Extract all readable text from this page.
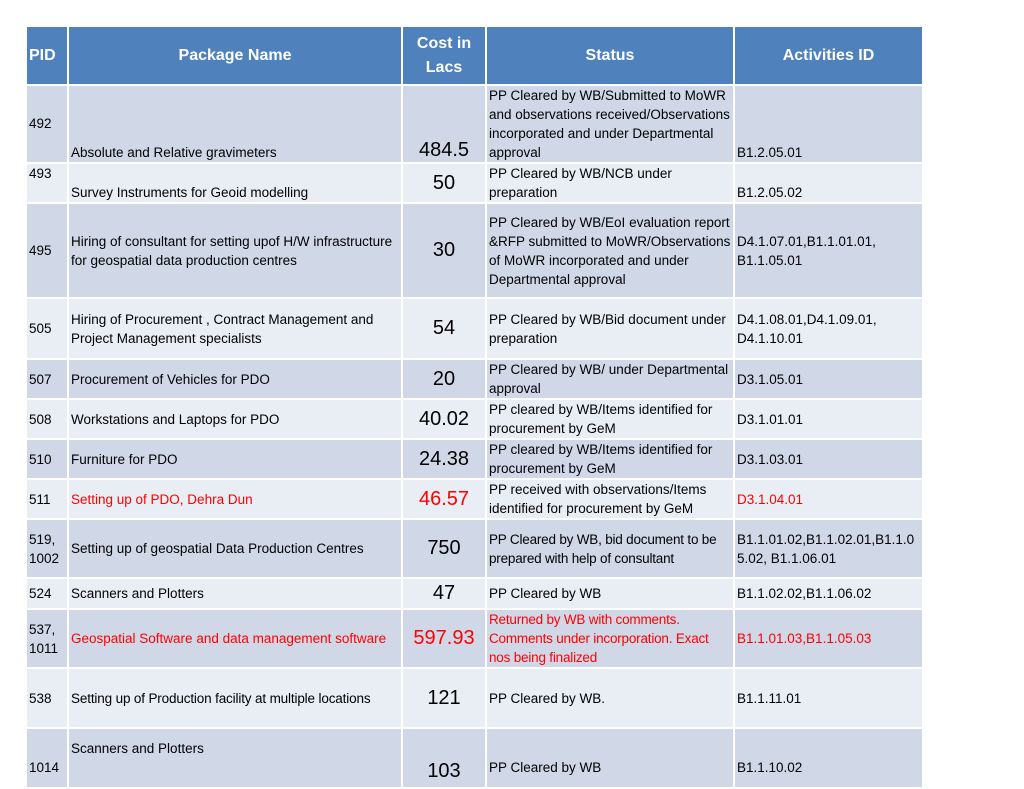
PID	Package Name	Cost in Lacs	Status	Activities ID
492	Absolute and Relative gravimeters	484.5	PP Cleared by WB/Submitted to MoWR and observations received/Observations incorporated and under Departmental approval	B1.2.05.01
493	Survey Instruments for Geoid modelling	50	PP Cleared by WB/NCB under preparation	B1.2.05.02
495	Hiring of consultant for setting upof H/W infrastructure for geospatial data production centres	30	PP Cleared by WB/EoI evaluation report &RFP submitted to MoWR/Observations of MoWR incorporated and under Departmental approval	D4.1.07.01,B1.1.01.01, B1.1.05.01
505	Hiring of Procurement , Contract Management and Project Management specialists	54	PP Cleared by WB/Bid document under preparation	D4.1.08.01,D4.1.09.01, D4.1.10.01
507	Procurement of Vehicles for PDO	20	PP Cleared by WB/ under Departmental approval	D3.1.05.01
508	Workstations and Laptops for PDO	40.02	PP cleared by WB/Items identified for procurement by GeM	D3.1.01.01
510	Furniture for PDO	24.38	PP cleared by WB/Items identified for procurement by GeM	D3.1.03.01
511	Setting up of PDO, Dehra Dun	46.57	PP received with observations/Items identified for procurement by GeM	D3.1.04.01
519, 1002	Setting up of geospatial Data Production Centres	750	PP Cleared by WB, bid document to be prepared with help of consultant	B1.1.01.02,B1.1.02.01,B1.1.05.02, B1.1.06.01
524	Scanners and Plotters	47	PP Cleared by WB	B1.1.02.02,B1.1.06.02
537, 1011	Geospatial Software and data management software	597.93	Returned by WB with comments. Comments under incorporation. Exact nos being finalized	B1.1.01.03,B1.1.05.03
538	Setting up of Production facility at multiple locations	121	PP Cleared by WB.	B1.1.11.01
1014	Scanners and Plotters	103	PP Cleared by WB	B1.1.10.02
